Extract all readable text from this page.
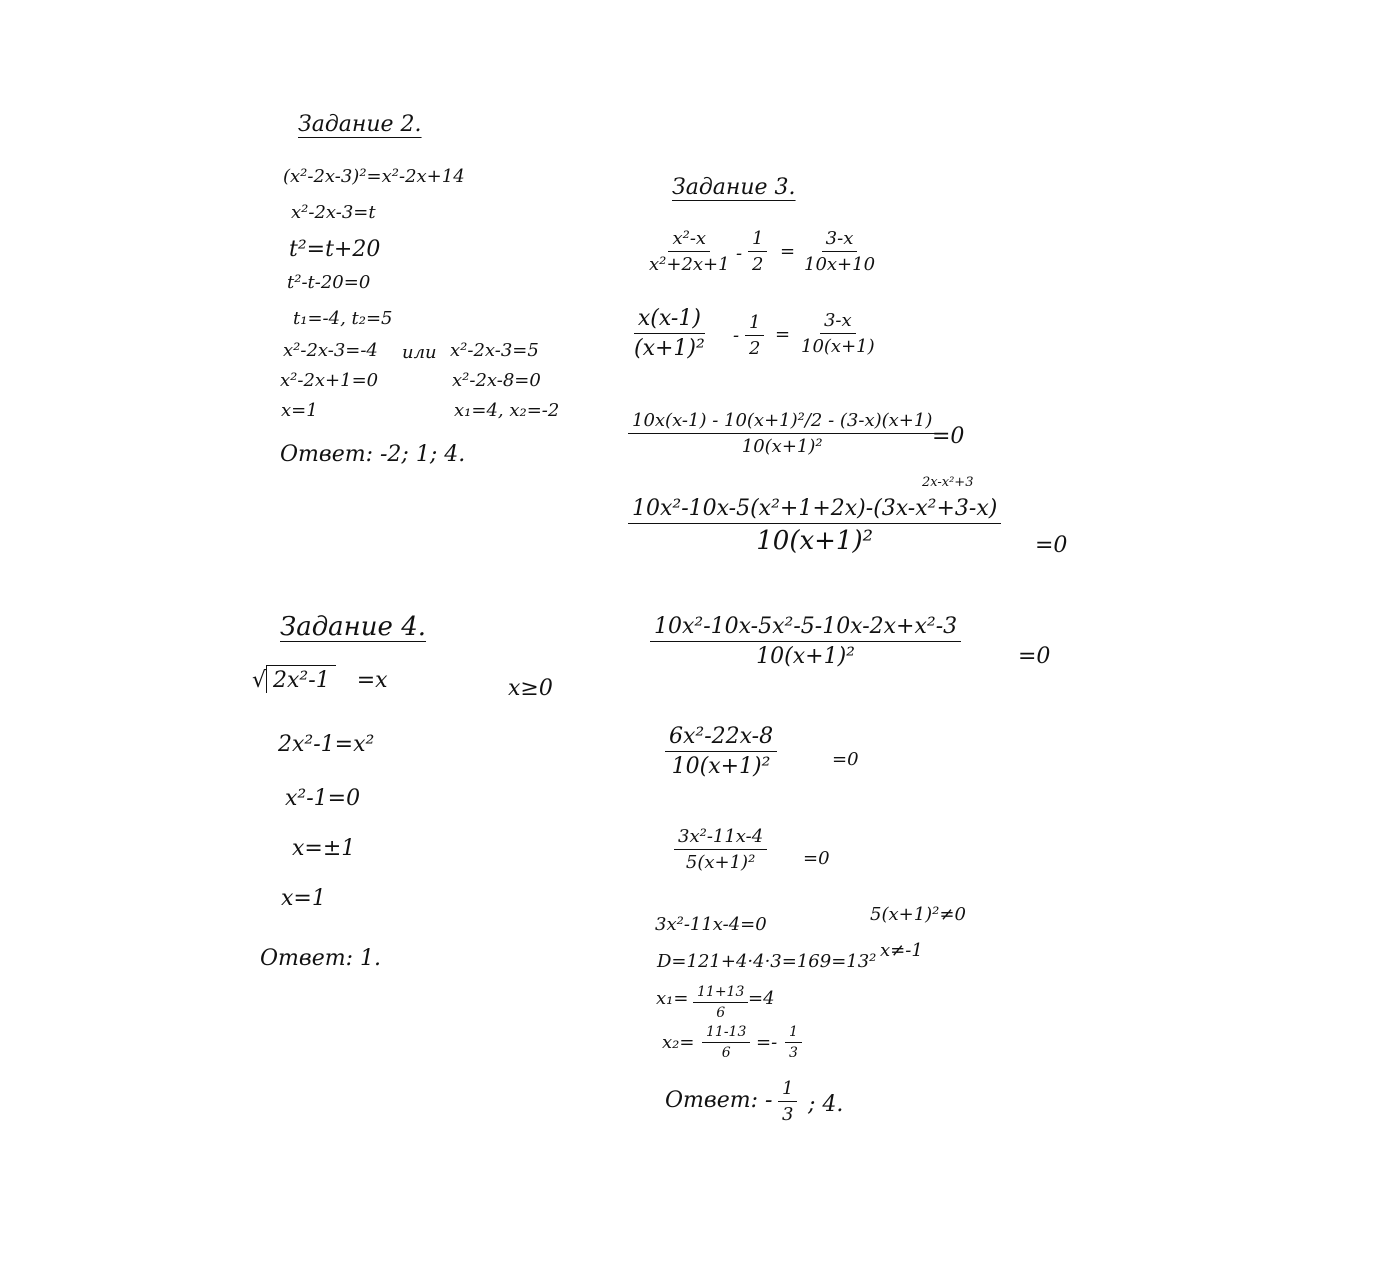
Задание 2.
(x²-2x-3)²=x²-2x+14
x²-2x-3=t
t²=t+20
t²-t-20=0
t₁=-4, t₂=5
x²-2x-3=-4 или x²-2x-3=5
x²-2x+1=0	x²-2x-8=0
x=1	x₁=4, x₂=-2
Ответ: -2; 1; 4.
Задание 3.
$\frac{\text{x²-x}}{\text{x²+2x+1}} - \frac{1}{2} = \frac{3-x}{10x+10}$
$\frac{x(x-1)}{\text{(x+1)²}} - \frac{1}{2} = \frac{3-x}{10(x+1)}$
$\frac{\text{10x(x-1) - 10(x+1)²/2 - (3-x)(x+1)}}{\text{10(x+1)²}}$
=0
2x-x²+3
10x²-10x-5(x²+1+2x)-(3x-x²+3-x)
10(x+1)²	=0
$\frac{\text{10x²-10x-5x²-5-10x-2x+x²-3}}{\text{10(x+1)²}}$	=0
$\frac{\text{6x²-22x-8}}{\text{10(x+1)²}}$	=0
$\frac{\text{3x²-11x-4}}{\text{5(x+1)²}} =0$
3x²-11x-4=0
D=121+4·4·3=169=13²
$x_1= \frac{11+13}{6} =4$
$x_2= \frac{11-13}{6} =- \frac{1}{3}$
5(x+1)²≠0
x≠-1
Ответ: - $\frac{1}{3}$ ; 4.
Задание 4.
√ 2x²-1 =x	x≥0
2x²-1=x²
x²-1=0
x=±1
x=1
Ответ: 1.
